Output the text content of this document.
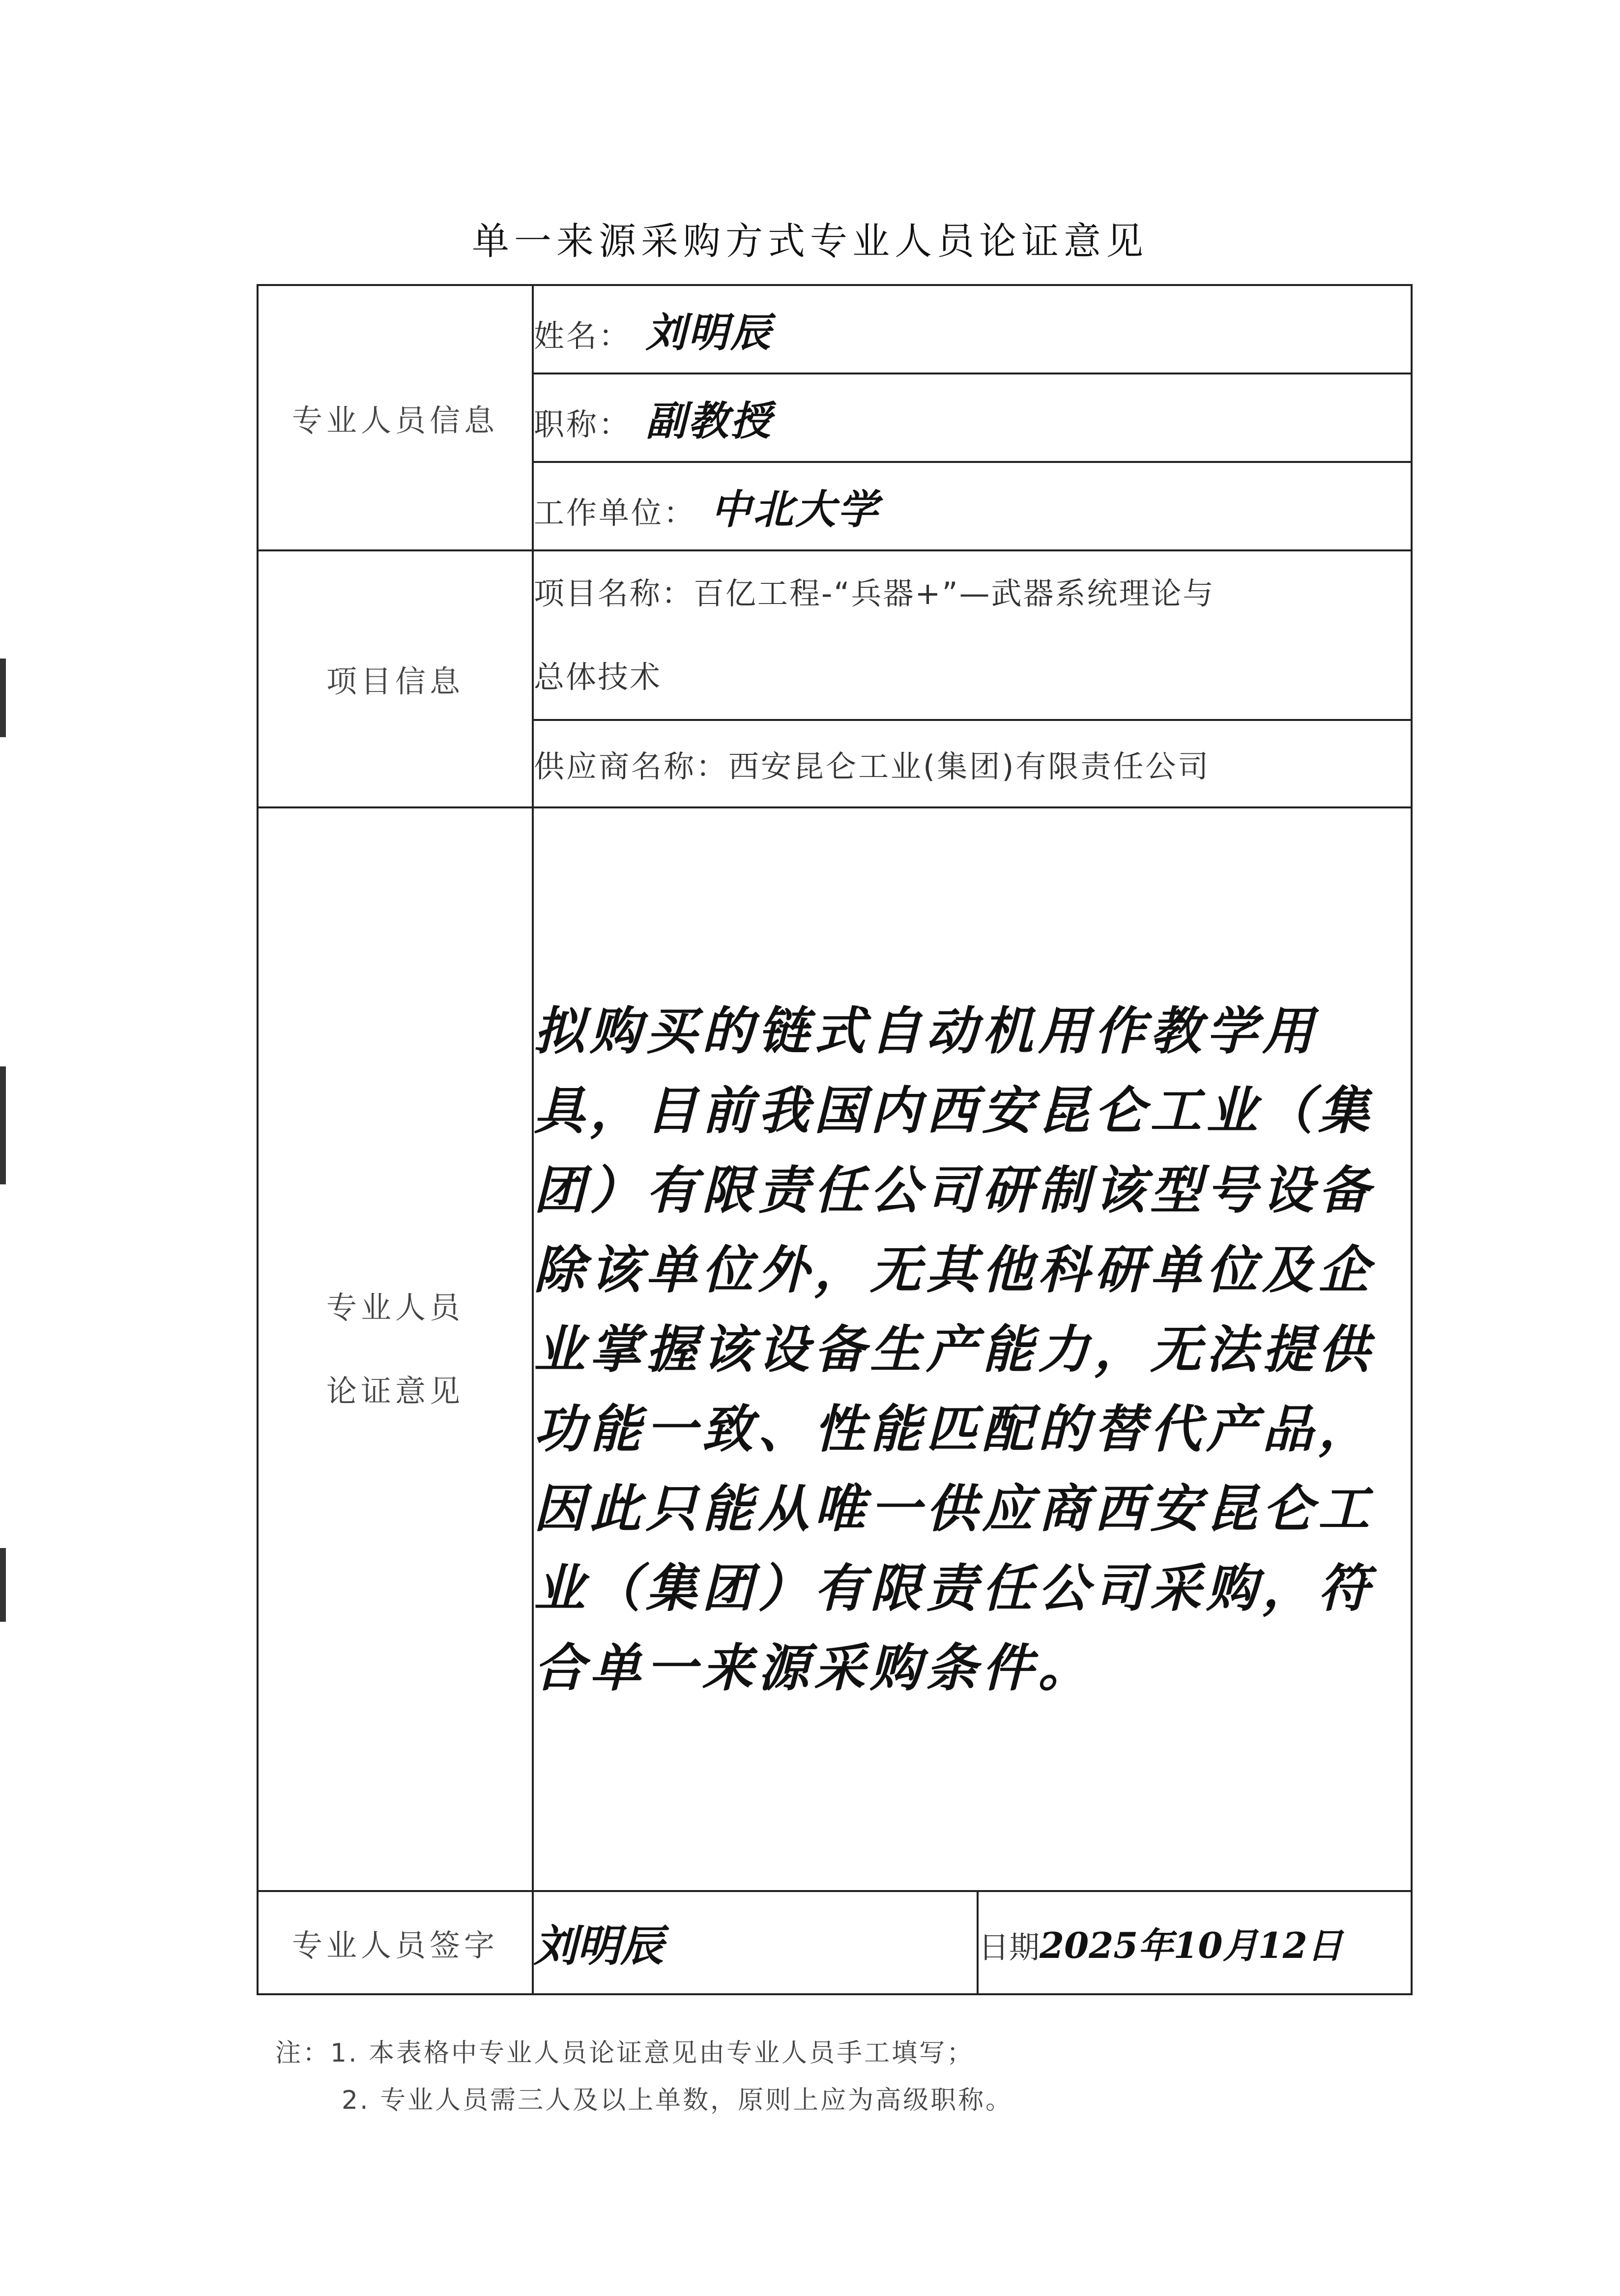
单一来源采购方式专业人员论证意见
专业人员信息	姓名： 刘明辰	
	职称： 副教授	
	工作单位： 中北大学	
项目信息	项目名称：百亿工程-“兵器+”—武器系统理论与
总体技术	

	供应商名称：西安昆仑工业(集团)有限责任公司	

专业人员
论证意见	拟购买的链式自动机用作教学用具，目前我国内西安昆仑工业（集团）有限责任公司研制该型号设备除该单位外，无其他科研单位及企业掌握该设备生产能力，无法提供功能一致、性能匹配的替代产品，因此只能从唯一供应商西安昆仑工业（集团）有限责任公司采购，符合单一来源采购条件。	

专业人员签字	刘明辰	日期2025年10月12日
注：1. 本表格中专业人员论证意见由专业人员手工填写；
2. 专业人员需三人及以上单数，原则上应为高级职称。
